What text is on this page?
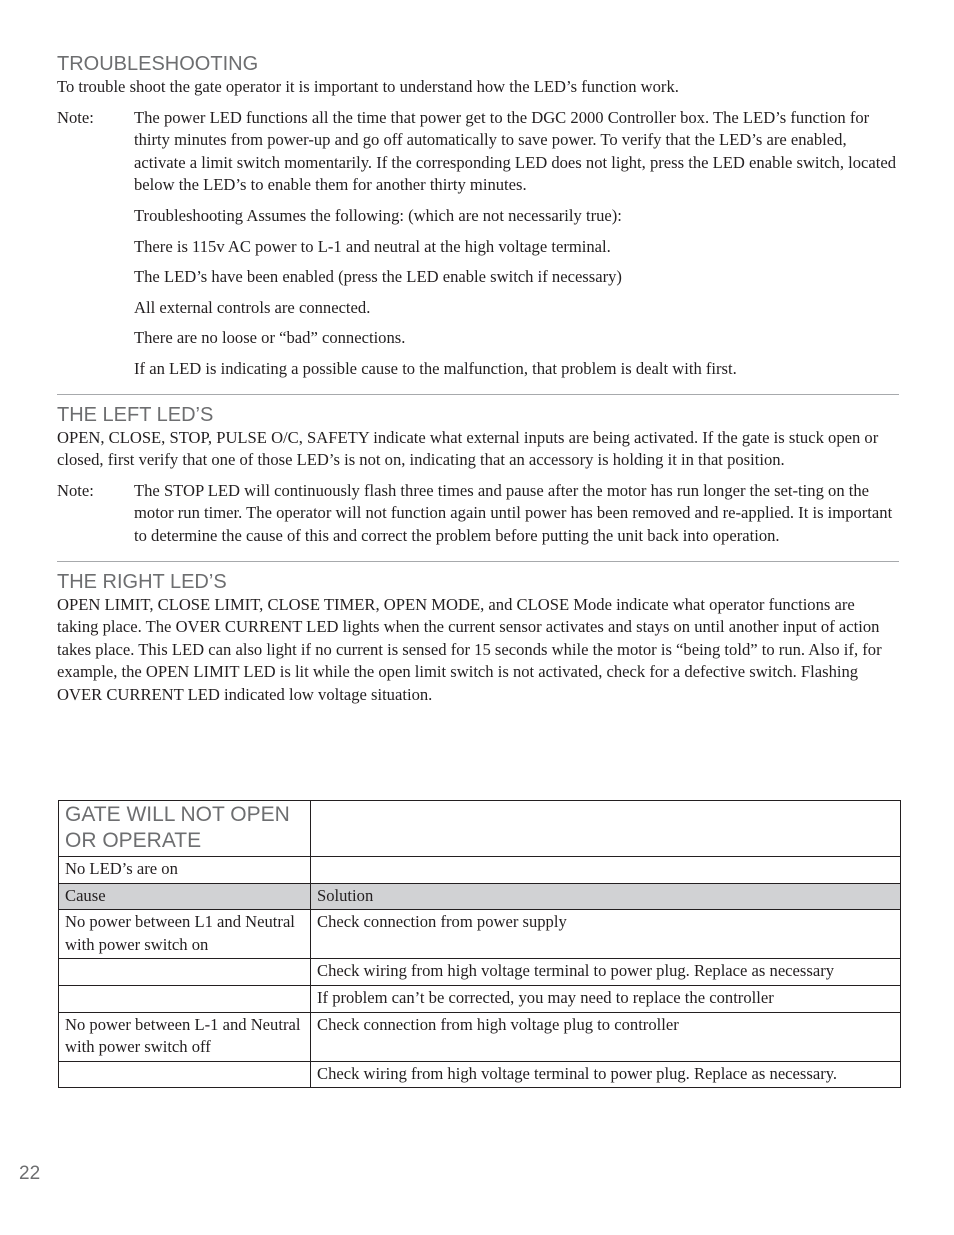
TROUBLESHOOTING

To trouble shoot the gate operator it is important to understand how the LED’s function work.

Note:	The power LED functions all the time that power get to the DGC 2000 Controller box. The LED’s function for thirty minutes from power-up and go off automatically to save power. To verify that the LED’s are enabled, activate a limit switch momentarily. If the corresponding LED does not light, press the LED enable switch, located below the LED’s to enable them for another thirty minutes.

Troubleshooting Assumes the following: (which are not necessarily true):

There is 115v AC power to L-1 and neutral at the high voltage terminal.

The LED’s have been enabled (press the LED enable switch if necessary)

All external controls are connected.

There are no loose or “bad” connections.

If an LED is indicating a possible cause to the malfunction, that problem is dealt with first.

THE LEFT LED’S

OPEN, CLOSE, STOP, PULSE O/C, SAFETY indicate what external inputs are being activated. If the gate is stuck open or closed, first verify that one of those LED’s is not on, indicating that an accessory is holding it in that position.

Note:	The STOP LED will continuously flash three times and pause after the motor has run longer the set-ting on the motor run timer. The operator will not function again until power has been removed and re-applied. It is important to determine the cause of this and correct the problem before putting the unit back into operation.
THE RIGHT LED’S

OPEN LIMIT, CLOSE LIMIT, CLOSE TIMER, OPEN MODE, and CLOSE Mode indicate what operator functions are taking place. The OVER CURRENT LED lights when the current sensor activates and stays on until another input of action takes place. This LED can also light if no current is sensed for 15 seconds while the motor is “being told” to run. Also if, for example, the OPEN LIMIT LED is lit while the open limit switch is not activated, check for a defective switch. Flashing OVER CURRENT LED indicated low voltage situation.

GATE WILL NOT OPEN OR OPERATE	
No LED’s are on	
Cause	Solution
No power between L1 and Neutral with power switch on	Check connection from power supply
	Check wiring from high voltage terminal to power plug. Replace as necessary
	If problem can’t be corrected, you may need to replace the controller
No power between L-1 and Neutral with power switch off	Check connection from high voltage plug to controller
	Check wiring from high voltage terminal to power plug. Replace as necessary.
22
